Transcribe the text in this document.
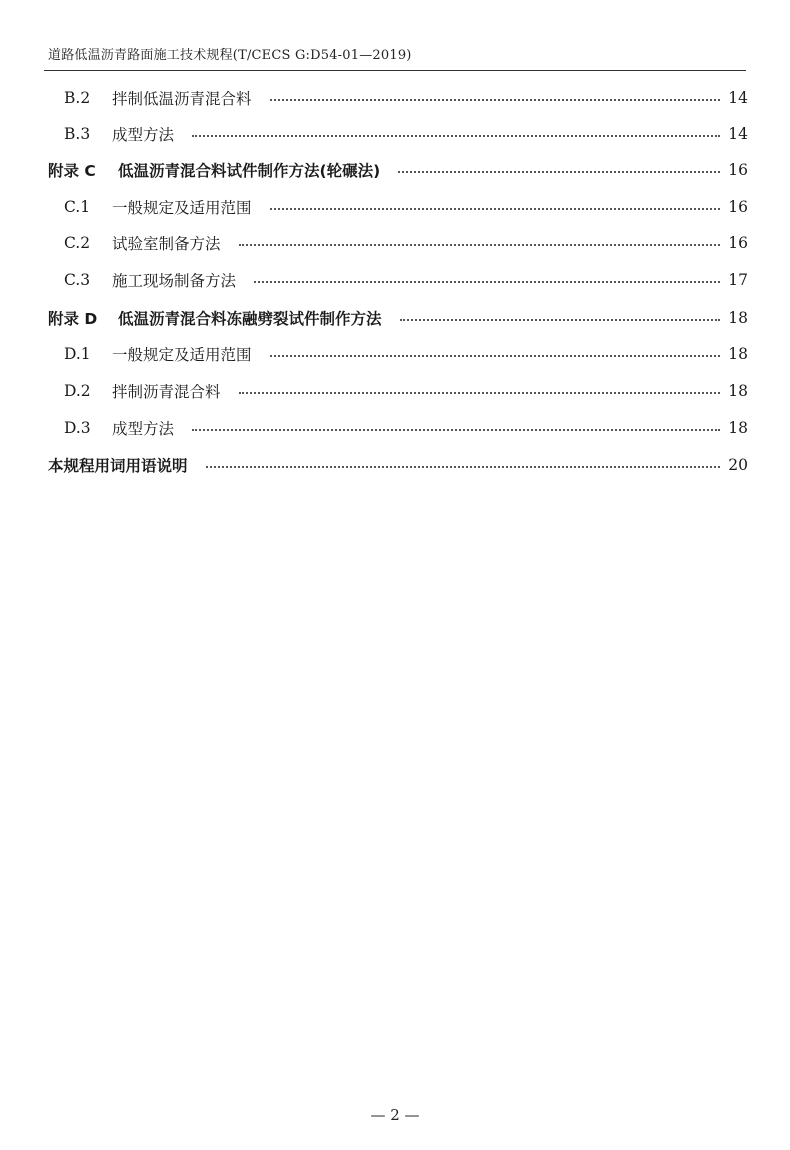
道路低温沥青路面施工技术规程(T/CECS G:D54-01—2019)
B.2	拌制低温沥青混合料	14
B.3	成型方法	14
附录 C	低温沥青混合料试件制作方法(轮碾法)	16
C.1	一般规定及适用范围	16
C.2	试验室制备方法	16
C.3	施工现场制备方法	17
附录 D	低温沥青混合料冻融劈裂试件制作方法	18
D.1	一般规定及适用范围	18
D.2	拌制沥青混合料	18
D.3	成型方法	18
本规程用词用语说明	20
— 2 —
